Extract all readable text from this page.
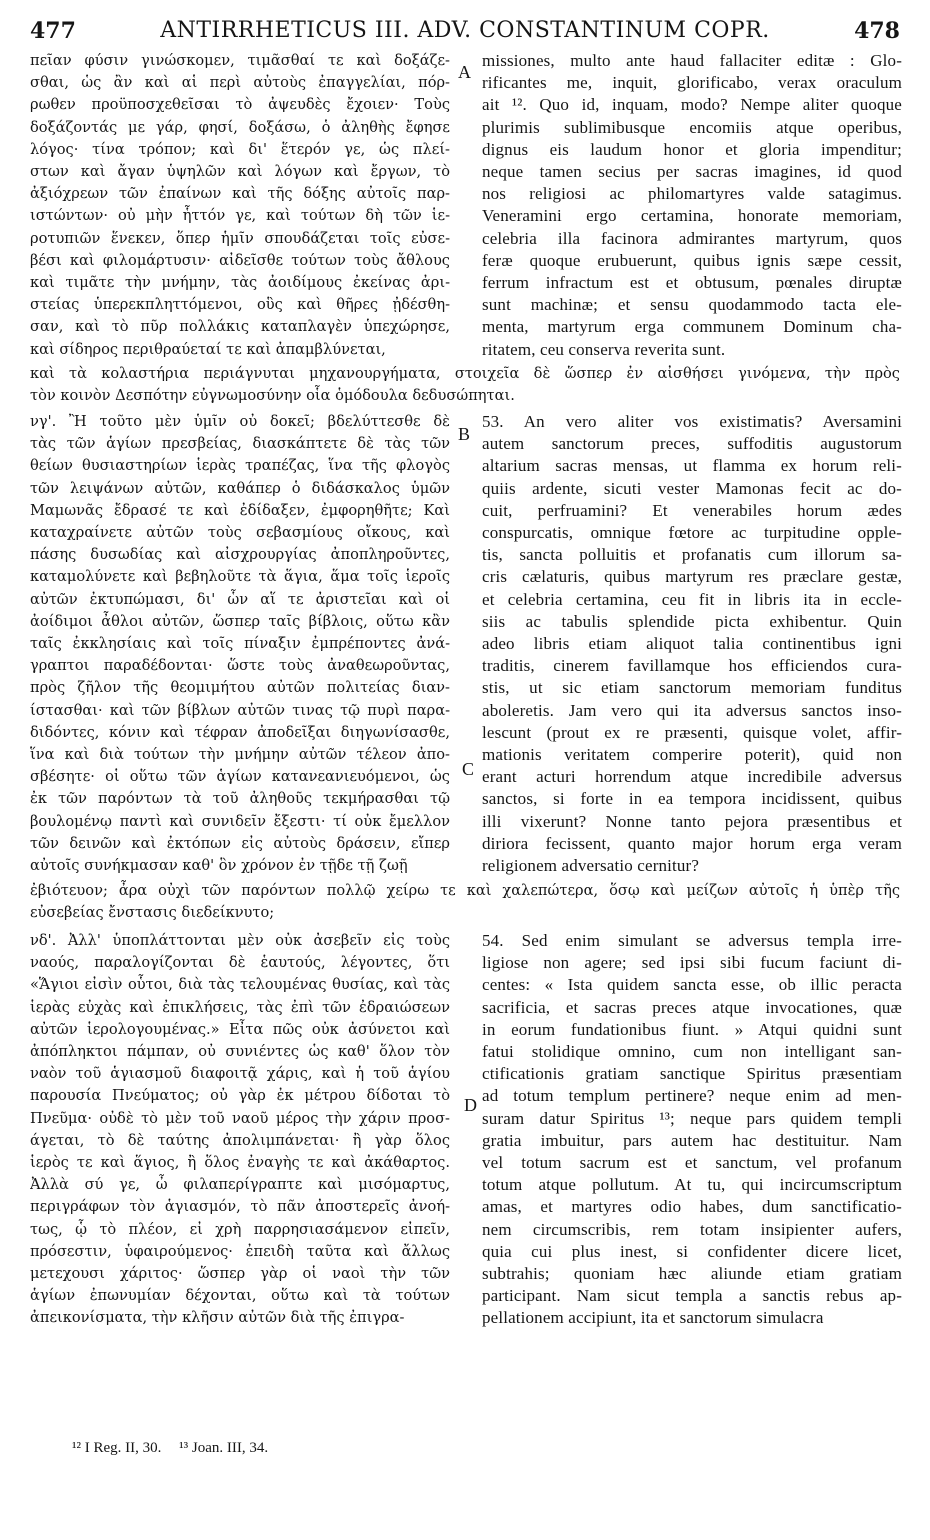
477	ANTIRRHETICUS III. ADV. CONSTANTINUM COPR.	478
πεῖαν φύσιν γινώσκομεν, τιμᾶσθαί τε καὶ δοξάζε-
σθαι, ὡς ἂν καὶ αἱ περὶ αὐτοὺς ἐπαγγελίαι, πόρ-
ρωθεν προϋποσχεθεῖσαι τὸ ἀψευδὲς ἔχοιεν· Τοὺς
δοξάζοντάς με γάρ, φησί, δοξάσω, ὁ ἀληθὴς ἔφησε
λόγος· τίνα τρόπον; καὶ δι' ἕτερόν γε, ὡς πλεί-
στων καὶ ἄγαν ὑψηλῶν καὶ λόγων καὶ ἔργων, τὸ
ἀξιόχρεων τῶν ἐπαίνων καὶ τῆς δόξης αὐτοῖς παρ-
ιστώντων· οὐ μὴν ἧττόν γε, καὶ τούτων δὴ τῶν ἱε-
ροτυπιῶν ἕνεκεν, ὅπερ ἡμῖν σπουδάζεται τοῖς εὐσε-
βέσι καὶ φιλομάρτυσιν· αἰδεῖσθε τούτων τοὺς ἄθλους
καὶ τιμᾶτε τὴν μνήμην, τὰς ἀοιδίμους ἐκείνας ἀρι-
στείας ὑπερεκπληττόμενοι, οὓς καὶ θῆρες ᾐδέσθη-
σαν, καὶ τὸ πῦρ πολλάκις καταπλαγὲν ὑπεχώρησε,
καὶ σίδηρος περιθραύεταί τε καὶ ἀπαμβλύνεται,
missiones, multo ante haud fallaciter editæ : Glo-
rificantes me, inquit, glorificabo, verax oraculum
ait ¹². Quo id, inquam, modo? Nempe aliter quoque
plurimis sublimibusque encomiis atque operibus,
dignus eis laudum honor et gloria impenditur;
neque tamen secius per sacras imagines, id quod
nos religiosi ac philomartyres valde satagimus.
Veneramini ergo certamina, honorate memoriam,
celebria illa facinora admirantes martyrum, quos
feræ quoque erubuerunt, quibus ignis sæpe cessit,
ferrum infractum est et obtusum, pœnales diruptæ
sunt machinæ; et sensu quodammodo tacta ele-
menta, martyrum erga communem Dominum cha-
ritatem, ceu conserva reverita sunt.
καὶ τὰ κολαστήρια περιάγνυται μηχανουργήματα, στοιχεῖα δὲ ὥσπερ ἐν αἰσθήσει γινόμενα, τὴν πρὸς
τὸν κοινὸν Δεσπότην εὐγνωμοσύνην οἷα ὁμόδουλα δεδυσώπηται.
νγ'. Ἢ τοῦτο μὲν ὑμῖν οὐ δοκεῖ; βδελύττεσθε δὲ
τὰς τῶν ἁγίων πρεσβείας, διασκάπτετε δὲ τὰς τῶν
θείων θυσιαστηρίων ἱερὰς τραπέζας, ἵνα τῆς φλογὸς
τῶν λειψάνων αὐτῶν, καθάπερ ὁ διδάσκαλος ὑμῶν
Μαμωνᾶς ἔδρασέ τε καὶ ἐδίδαξεν, ἐμφορηθῆτε; Καὶ
καταχραίνετε αὐτῶν τοὺς σεβασμίους οἴκους, καὶ
πάσης δυσωδίας καὶ αἰσχρουργίας ἀποπληροῦντες,
καταμολύνετε καὶ βεβηλοῦτε τὰ ἅγια, ἅμα τοῖς ἱεροῖς
αὐτῶν ἐκτυπώμασι, δι' ὧν αἵ τε ἀριστεῖαι καὶ οἱ
ἀοίδιμοι ἆθλοι αὐτῶν, ὥσπερ ταῖς βίβλοις, οὕτω κἂν
ταῖς ἐκκλησίαις καὶ τοῖς πίναξιν ἐμπρέποντες ἀνά-
γραπτοι παραδέδονται· ὥστε τοὺς ἀναθεωροῦντας,
πρὸς ζῆλον τῆς θεομιμήτου αὐτῶν πολιτείας διαν-
ίστασθαι· καὶ τῶν βίβλων αὐτῶν τινας τῷ πυρὶ παρα-
διδόντες, κόνιν καὶ τέφραν ἀποδεῖξαι διηγωνίσασθε,
ἵνα καὶ διὰ τούτων τὴν μνήμην αὐτῶν τέλεον ἀπο-
σβέσητε· οἱ οὕτω τῶν ἁγίων κατανεανιευόμενοι, ὡς
ἐκ τῶν παρόντων τὰ τοῦ ἀληθοῦς τεκμήρασθαι τῷ
βουλομένῳ παντὶ καὶ συνιδεῖν ἔξεστι· τί οὐκ ἔμελλον
τῶν δεινῶν καὶ ἐκτόπων εἰς αὐτοὺς δράσειν, εἴπερ
αὐτοῖς συνήκμασαν καθ' ὃν χρόνον ἐν τῇδε τῇ ζωῇ
53. An vero aliter vos existimatis? Aversamini
autem sanctorum preces, suffoditis augustorum
altarium sacras mensas, ut flamma ex horum reli-
quiis ardente, sicuti vester Mamonas fecit ac do-
cuit, perfruamini? Et venerabiles horum ædes
conspurcatis, omnique fœtore ac turpitudine opple-
tis, sancta polluitis et profanatis cum illorum sa-
cris cælaturis, quibus martyrum res præclare gestæ,
et celebria certamina, ceu fit in libris ita in eccle-
siis ac tabulis splendide picta exhibentur. Quin
adeo libris etiam aliquot talia continentibus igni
traditis, cinerem favillamque hos efficiendos cura-
stis, ut sic etiam sanctorum memoriam funditus
aboleretis. Jam vero qui ita adversus sanctos inso-
lescunt (prout ex re præsenti, quisque volet, affir-
mationis veritatem comperire poterit), quid non
erant acturi horrendum atque incredibile adversus
sanctos, si forte in ea tempora incidissent, quibus
illi vixerunt? Nonne tanto pejora præsentibus et
diriora fecissent, quanto major horum erga veram
religionem adversatio cernitur?
ἐβιότευον; ἆρα οὐχὶ τῶν παρόντων πολλῷ χείρω τε καὶ χαλεπώτερα, ὅσῳ καὶ μείζων αὐτοῖς ἡ ὑπὲρ τῆς
εὐσεβείας ἔνστασις διεδείκνυτο;
νδ'. Ἀλλ' ὑποπλάττονται μὲν οὐκ ἀσεβεῖν εἰς τοὺς
ναούς, παραλογίζονται δὲ ἑαυτούς, λέγοντες, ὅτι
«Ἅγιοι εἰσὶν οὗτοι, διὰ τὰς τελουμένας θυσίας, καὶ τὰς
ἱερὰς εὐχὰς καὶ ἐπικλήσεις, τὰς ἐπὶ τῶν ἐδραιώσεων
αὐτῶν ἱερολογουμένας.» Εἶτα πῶς οὐκ ἀσύνετοι καὶ
ἀπόπληκτοι πάμπαν, οὐ συνιέντες ὡς καθ' ὅλον τὸν
ναὸν τοῦ ἁγιασμοῦ διαφοιτᾷ χάρις, καὶ ἡ τοῦ ἁγίου
παρουσία Πνεύματος; οὐ γὰρ ἐκ μέτρου δίδοται τὸ
Πνεῦμα· οὐδὲ τὸ μὲν τοῦ ναοῦ μέρος τὴν χάριν προσ-
άγεται, τὸ δὲ ταύτης ἀπολιμπάνεται· ἢ γὰρ ὅλος
ἱερὸς τε καὶ ἅγιος, ἢ ὅλος ἐναγὴς τε καὶ ἀκάθαρτος.
Ἀλλὰ σύ γε, ὦ φιλαπερίγραπτε καὶ μισόμαρτυς,
περιγράφων τὸν ἁγιασμόν, τὸ πᾶν ἀποστερεῖς ἀνοή-
τως, ᾧ τὸ πλέον, εἰ χρὴ παρρησιασάμενον εἰπεῖν,
πρόσεστιν, ὑφαιρούμενος· ἐπειδὴ ταῦτα καὶ ἄλλως
μετεχουσι χάριτος· ὥσπερ γὰρ οἱ ναοὶ τὴν τῶν
ἁγίων ἐπωνυμίαν δέχονται, οὕτω καὶ τὰ τούτων
ἀπεικονίσματα, τὴν κλῆσιν αὐτῶν διὰ τῆς ἐπιγρα-
54. Sed enim simulant se adversus templa irre-
ligiose non agere; sed ipsi sibi fucum faciunt di-
centes: « Ista quidem sancta esse, ob illic peracta
sacrificia, et sacras preces atque invocationes, quæ
in eorum fundationibus fiunt. » Atqui quidni sunt
fatui stolidique omnino, cum non intelligant san-
ctificationis gratiam sanctique Spiritus præsentiam
ad totum templum pertinere? neque enim ad men-
suram datur Spiritus ¹³; neque pars quidem templi
gratia imbuitur, pars autem hac destituitur. Nam
vel totum sacrum est et sanctum, vel profanum
totum atque pollutum. At tu, qui incircumscriptum
amas, et martyres odio habes, dum sanctificatio-
nem circumscribis, rem totam insipienter aufers,
quia cui plus inest, si confidenter dicere licet,
subtrahis; quoniam hæc aliunde etiam gratiam
participant. Nam sicut templa a sanctis rebus ap-
pellationem accipiunt, ita et sanctorum simulacra
A
B
C
D
¹² I Reg. II, 30. ¹³ Joan. III, 34.
